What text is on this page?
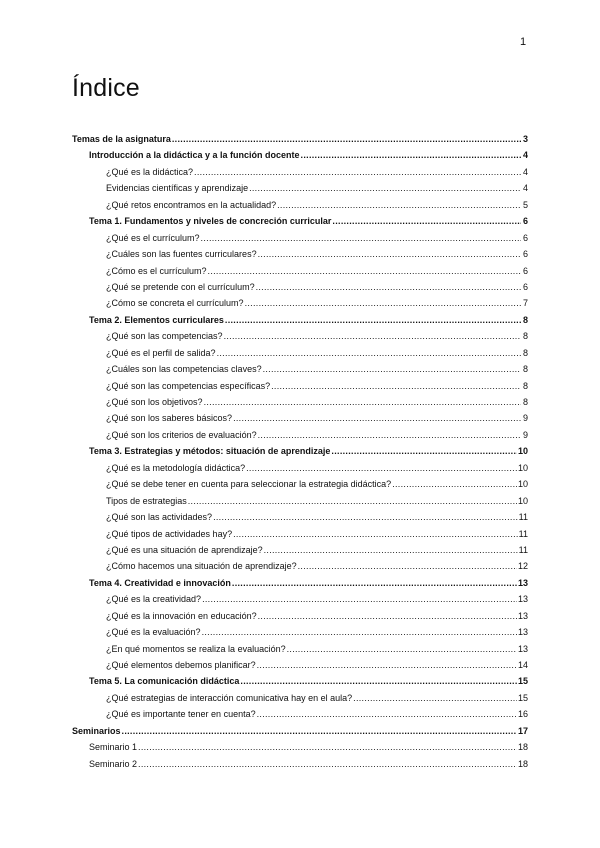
1
Índice
Temas de la asignatura .....	3
Introducción a la didáctica y a la función docente .....	4
¿Qué es la didáctica? .....	4
Evidencias científicas y aprendizaje .....	4
¿Qué retos encontramos en la actualidad? .....	5
Tema 1. Fundamentos y niveles de concreción curricular .....	6
¿Qué es el currículum? .....	6
¿Cuáles son las fuentes curriculares? .....	6
¿Cómo es el currículum? .....	6
¿Qué se pretende con el currículum? .....	6
¿Cómo se concreta el currículum? .....	7
Tema 2. Elementos curriculares .....	8
¿Qué son las competencias? .....	8
¿Qué es el perfil de salida? .....	8
¿Cuáles son las competencias claves? .....	8
¿Qué son las competencias específicas? .....	8
¿Qué son los objetivos? .....	8
¿Qué son los saberes básicos? .....	9
¿Qué son los criterios de evaluación? .....	9
Tema 3. Estrategias y métodos: situación de aprendizaje .....	10
¿Qué es la metodología didáctica? .....	10
¿Qué se debe tener en cuenta para seleccionar la estrategia didáctica? .....	10
Tipos de estrategias .....	10
¿Qué son las actividades? .....	11
¿Qué tipos de actividades hay? .....	11
¿Qué es una situación de aprendizaje? .....	11
¿Cómo hacemos una situación de aprendizaje? .....	12
Tema 4. Creatividad e innovación .....	13
¿Qué es la creatividad? .....	13
¿Qué es la innovación en educación? .....	13
¿Qué es la evaluación? .....	13
¿En qué momentos se realiza la evaluación? .....	13
¿Qué elementos debemos planificar? .....	14
Tema 5. La comunicación didáctica .....	15
¿Qué estrategias de interacción comunicativa hay en el aula? .....	15
¿Qué es importante tener en cuenta? .....	16
Seminarios .....	17
Seminario 1 .....	18
Seminario 2 .....	18
